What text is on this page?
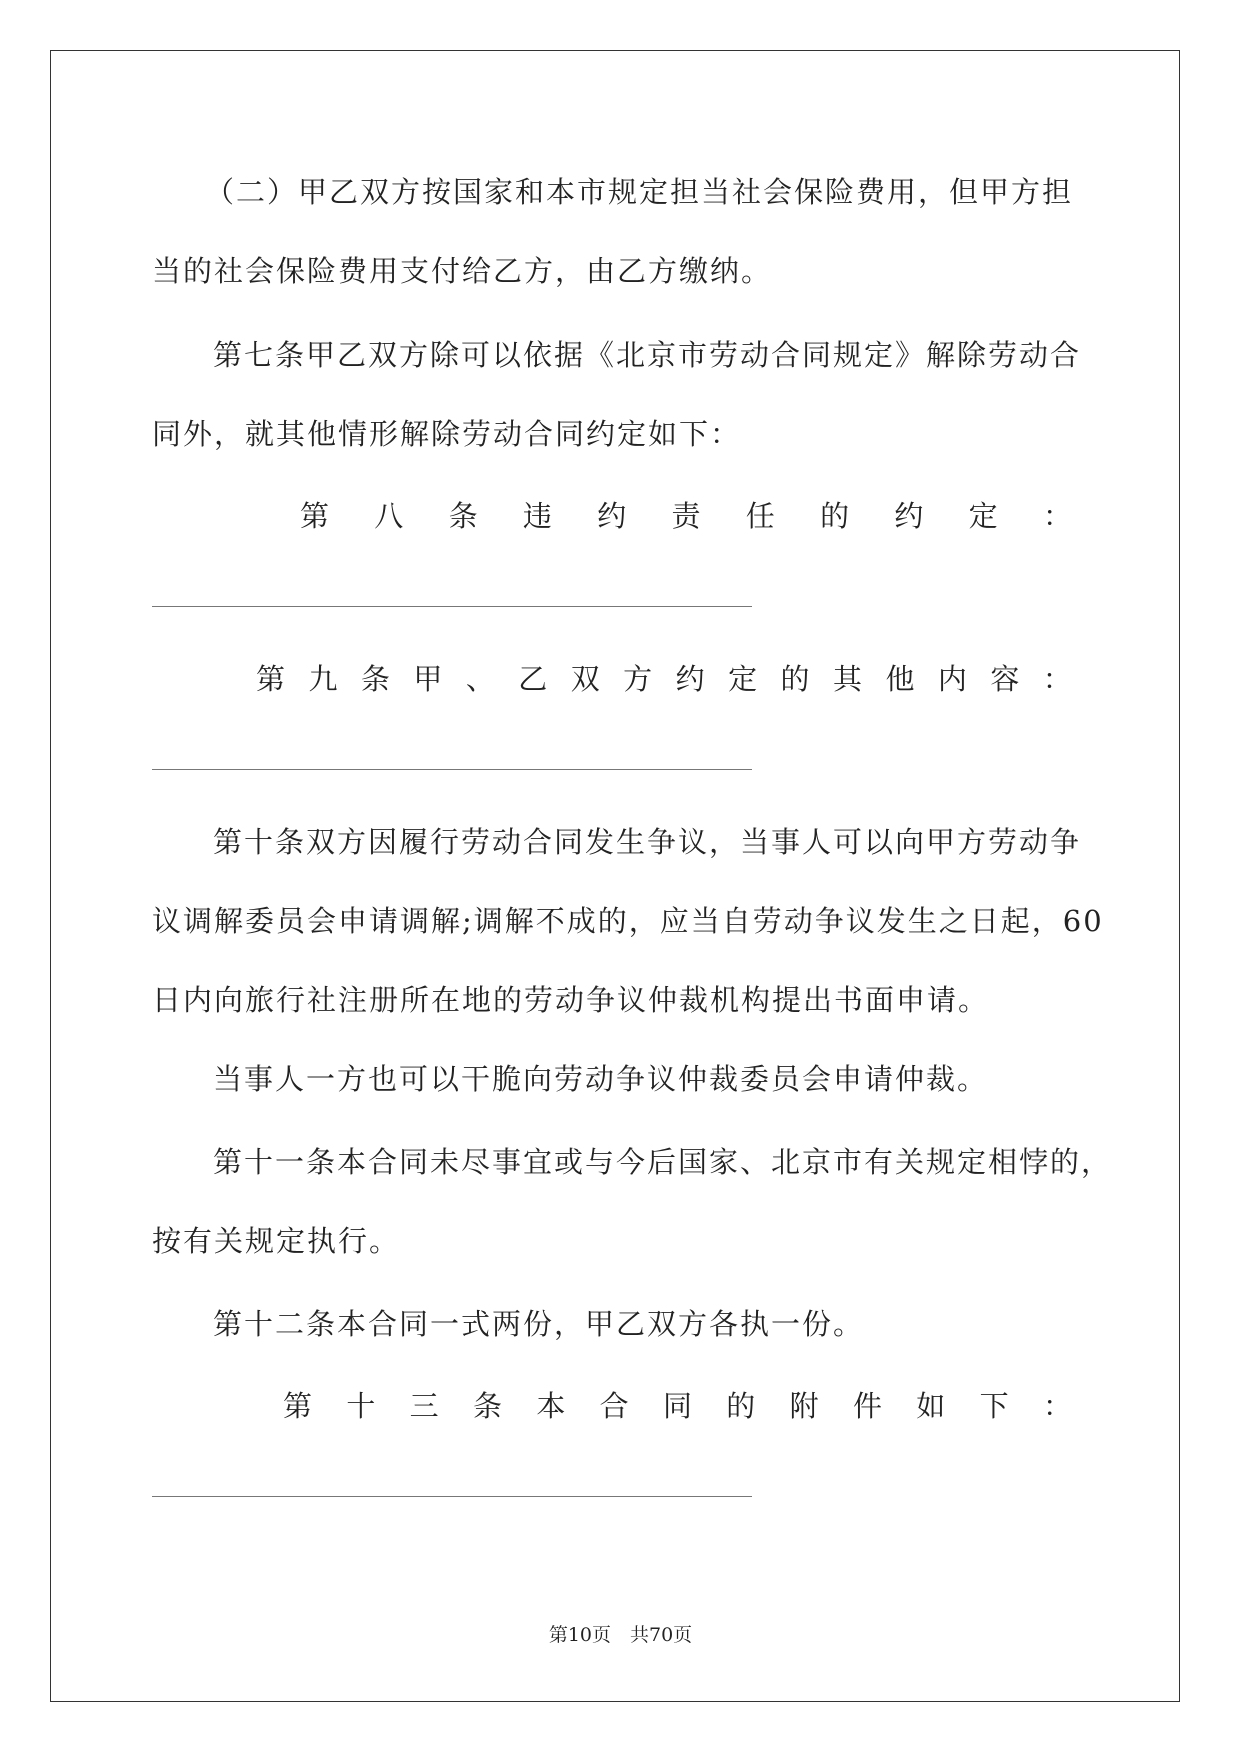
（二）甲乙双方按国家和本市规定担当社会保险费用，但甲方担
当的社会保险费用支付给乙方，由乙方缴纳。
第七条甲乙双方除可以依据《北京市劳动合同规定》解除劳动合
同外，就其他情形解除劳动合同约定如下：
第 八 条 违 约 责 任 的 约 定 ：
第 九 条 甲 、 乙 双 方 约 定 的 其 他 内 容 ：
第十条双方因履行劳动合同发生争议，当事人可以向甲方劳动争
议调解委员会申请调解;调解不成的，应当自劳动争议发生之日起，60
日内向旅行社注册所在地的劳动争议仲裁机构提出书面申请。
当事人一方也可以干脆向劳动争议仲裁委员会申请仲裁。
第十一条本合同未尽事宜或与今后国家、北京市有关规定相悖的，
按有关规定执行。
第十二条本合同一式两份，甲乙双方各执一份。
第 十 三 条 本 合 同 的 附 件 如 下 ：
第10页　共70页
